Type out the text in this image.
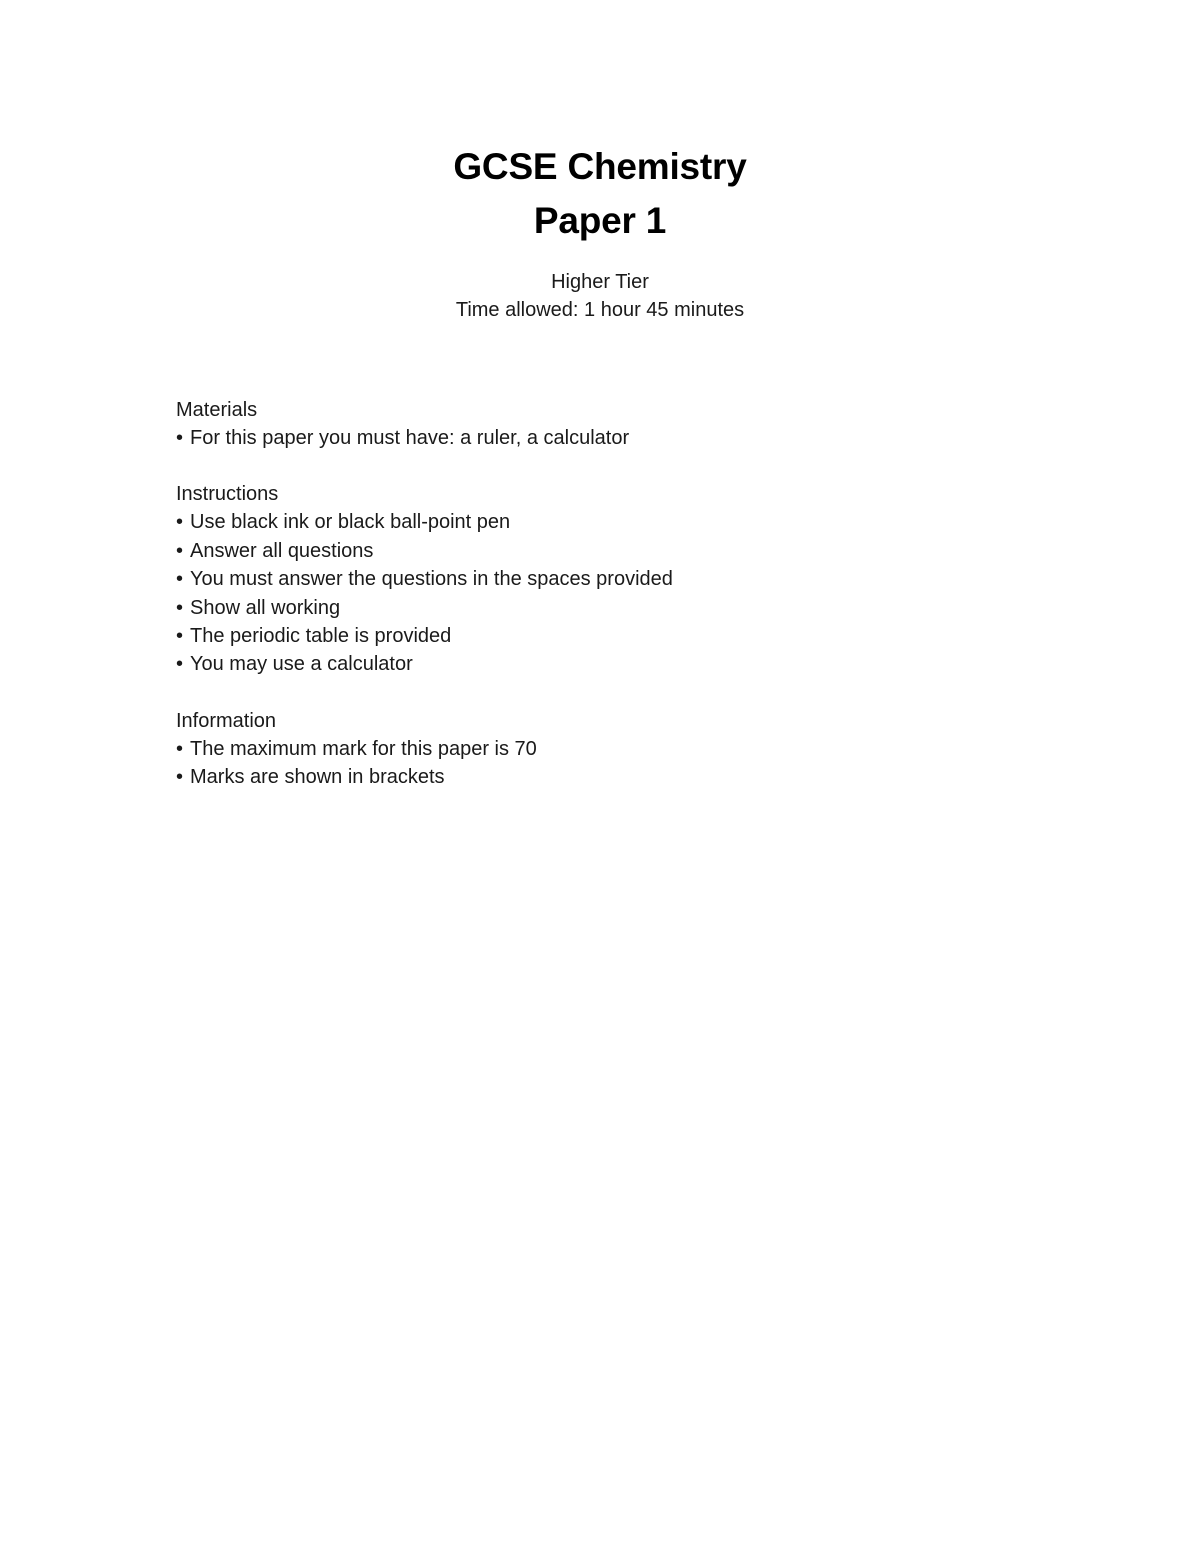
GCSE Chemistry

Paper 1

Higher Tier

Time allowed: 1 hour 45 minutes

Materials

• For this paper you must have: a ruler, a calculator

Instructions

• Use black ink or black ball-point pen
• Answer all questions
• You must answer the questions in the spaces provided
• Show all working
• The periodic table is provided
• You may use a calculator

Information

• The maximum mark for this paper is 70
• Marks are shown in brackets
